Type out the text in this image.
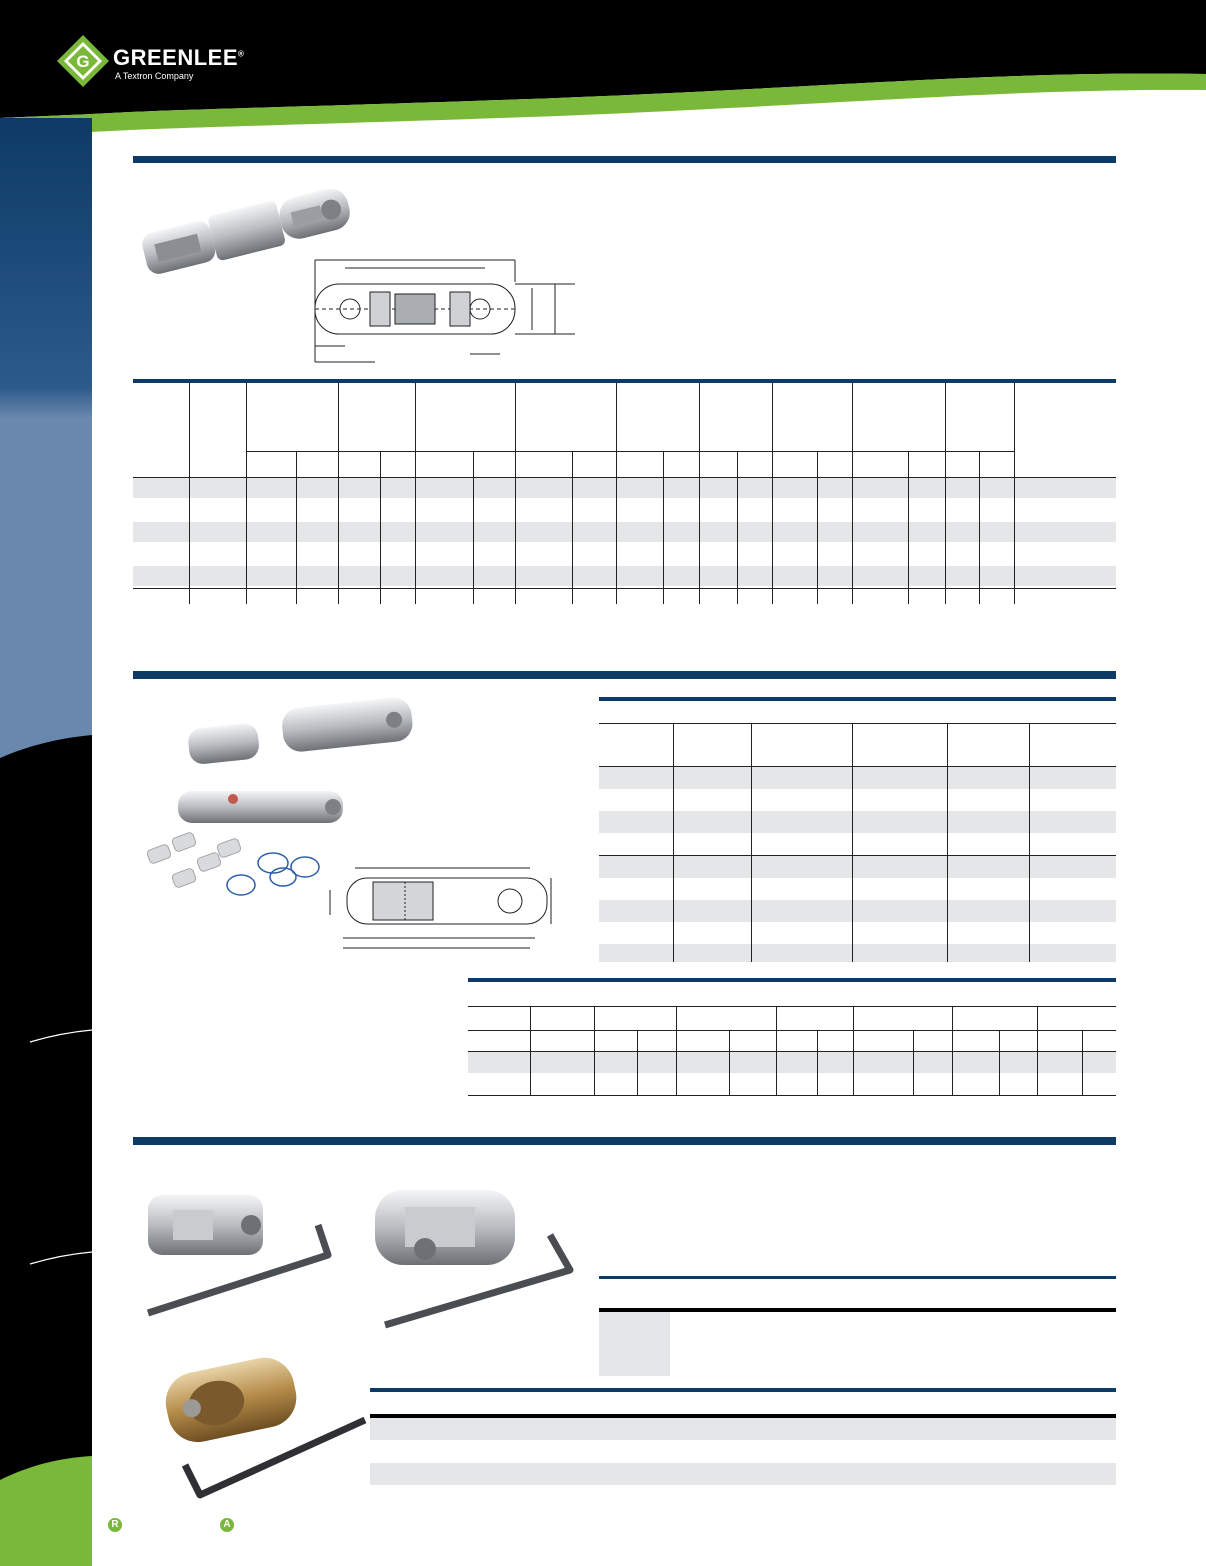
G GREENLEE®
A Textron Company
R	A
